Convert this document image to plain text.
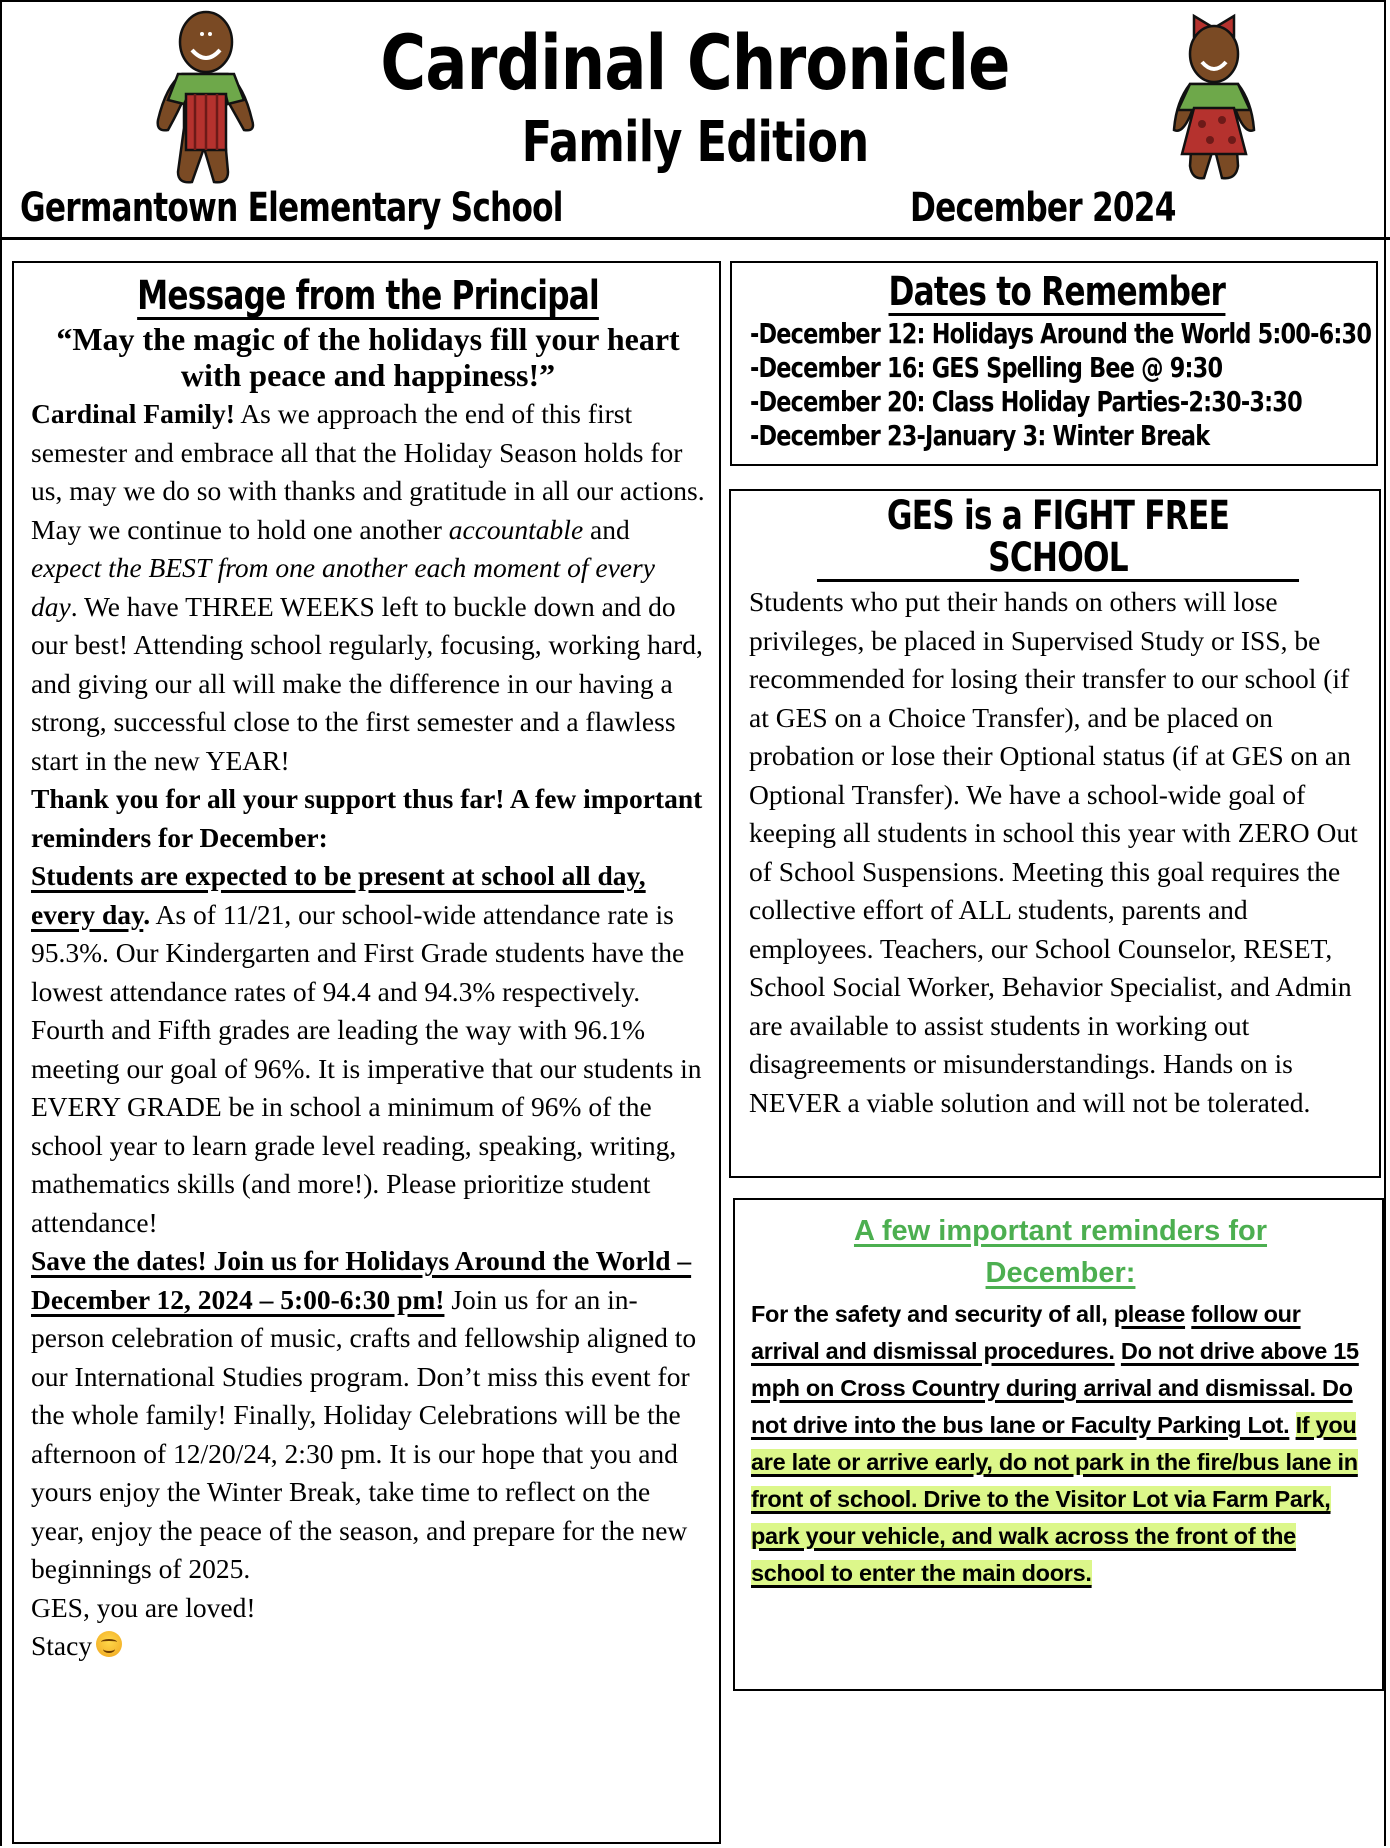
Cardinal Chronicle
Family Edition
Germantown Elementary School	December 2024
Message from the Principal
“May the magic of the holidays fill your heart with peace and happiness!”
Cardinal Family! As we approach the end of this first semester and embrace all that the Holiday Season holds for us, may we do so with thanks and gratitude in all our actions. May we continue to hold one another accountable and expect the BEST from one another each moment of every day. We have THREE WEEKS left to buckle down and do our best! Attending school regularly, focusing, working hard, and giving our all will make the difference in our having a strong, successful close to the first semester and a flawless start in the new YEAR!
Thank you for all your support thus far! A few important reminders for December:
Students are expected to be present at school all day, every day. As of 11/21, our school-wide attendance rate is 95.3%. Our Kindergarten and First Grade students have the lowest attendance rates of 94.4 and 94.3% respectively. Fourth and Fifth grades are leading the way with 96.1% meeting our goal of 96%. It is imperative that our students in EVERY GRADE be in school a minimum of 96% of the school year to learn grade level reading, speaking, writing, mathematics skills (and more!). Please prioritize student attendance!
Save the dates! Join us for Holidays Around the World – December 12, 2024 – 5:00-6:30 pm! Join us for an in-person celebration of music, crafts and fellowship aligned to our International Studies program. Don’t miss this event for the whole family! Finally, Holiday Celebrations will be the afternoon of 12/20/24, 2:30 pm. It is our hope that you and yours enjoy the Winter Break, take time to reflect on the year, enjoy the peace of the season, and prepare for the new beginnings of 2025.
GES, you are loved!
Stacy
Dates to Remember
-December 12: Holidays Around the World 5:00-6:30
-December 16: GES Spelling Bee @ 9:30
-December 20: Class Holiday Parties-2:30-3:30
-December 23-January 3: Winter Break
GES is a FIGHT FREE SCHOOL
Students who put their hands on others will lose privileges, be placed in Supervised Study or ISS, be recommended for losing their transfer to our school (if at GES on a Choice Transfer), and be placed on probation or lose their Optional status (if at GES on an Optional Transfer). We have a school-wide goal of keeping all students in school this year with ZERO Out of School Suspensions. Meeting this goal requires the collective effort of ALL students, parents and employees. Teachers, our School Counselor, RESET, School Social Worker, Behavior Specialist, and Admin are available to assist students in working out disagreements or misunderstandings. Hands on is NEVER a viable solution and will not be tolerated.
A few important reminders for
December:
For the safety and security of all, please follow our arrival and dismissal procedures. Do not drive above 15 mph on Cross Country during arrival and dismissal. Do not drive into the bus lane or Faculty Parking Lot. If you are late or arrive early, do not park in the fire/bus lane in front of school. Drive to the Visitor Lot via Farm Park, park your vehicle, and walk across the front of the school to enter the main doors.
